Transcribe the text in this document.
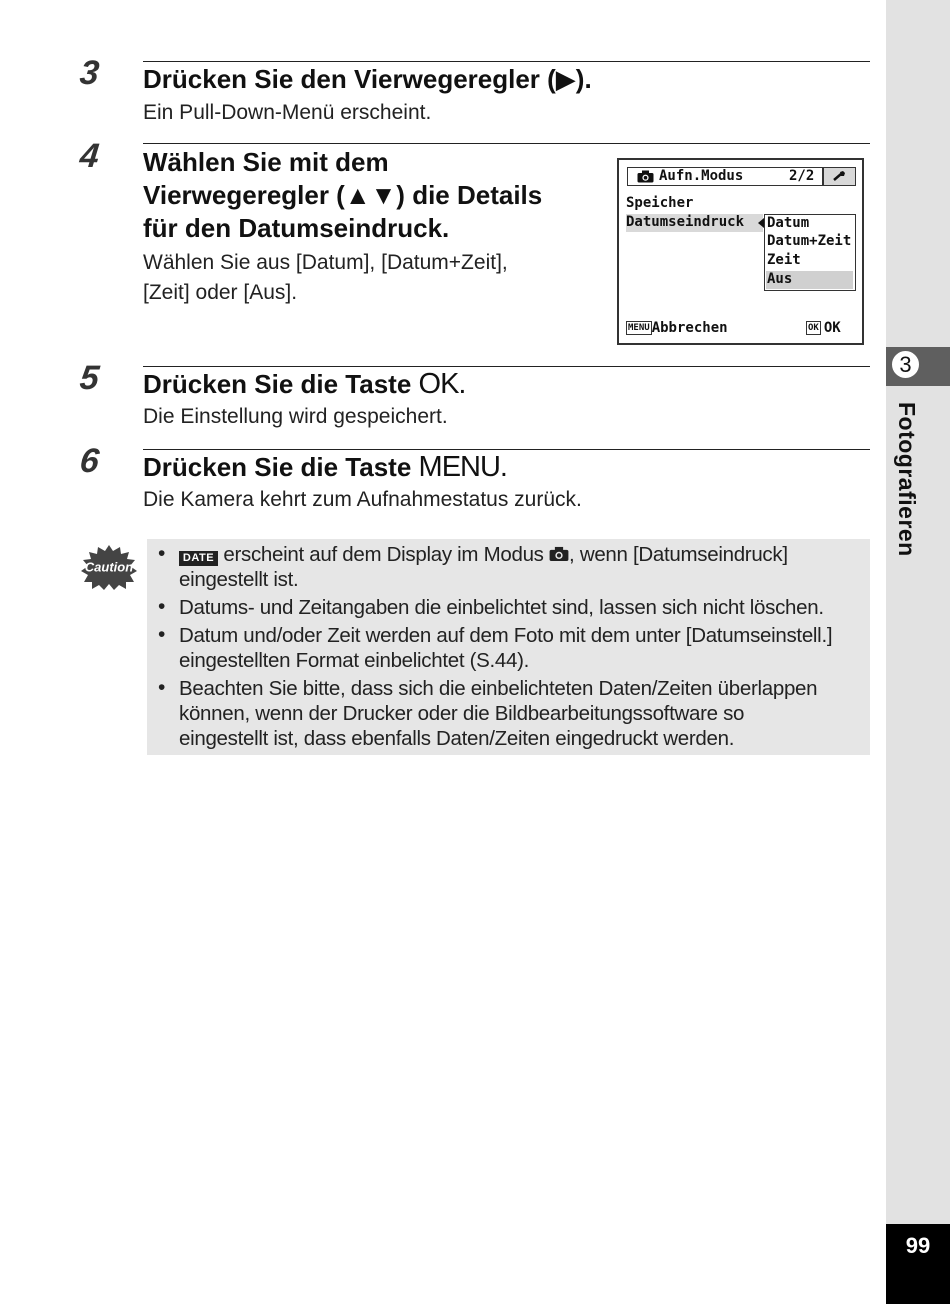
3
Fotografieren
99
3 Drücken Sie den Vierwegeregler (▶).
Ein Pull-Down-Menü erscheint.
4 Wählen Sie mit dem
Vierwegeregler (▲▼) die Details
für den Datumseindruck.
Wählen Sie aus [Datum], [Datum+Zeit],
[Zeit] oder [Aus].
Aufn.Modus	2/2
Speicher
Datumseindruck Datum
Datum+Zeit
Zeit
Aus
MENU Abbrechen	OK OK
5 Drücken Sie die Taste OK.
Die Einstellung wird gespeichert.
6 Drücken Sie die Taste MENU.
Die Kamera kehrt zum Aufnahmestatus zurück.
Caution
•	DATE erscheint auf dem Display im Modus , wenn [Datumseindruck]
eingestellt ist.
• Datums- und Zeitangaben die einbelichtet sind, lassen sich nicht löschen.
• Datum und/oder Zeit werden auf dem Foto mit dem unter [Datumseinstell.]
eingestellten Format einbelichtet (S.44).
• Beachten Sie bitte, dass sich die einbelichteten Daten/Zeiten überlappen
können, wenn der Drucker oder die Bildbearbeitungssoftware so
eingestellt ist, dass ebenfalls Daten/Zeiten eingedruckt werden.
